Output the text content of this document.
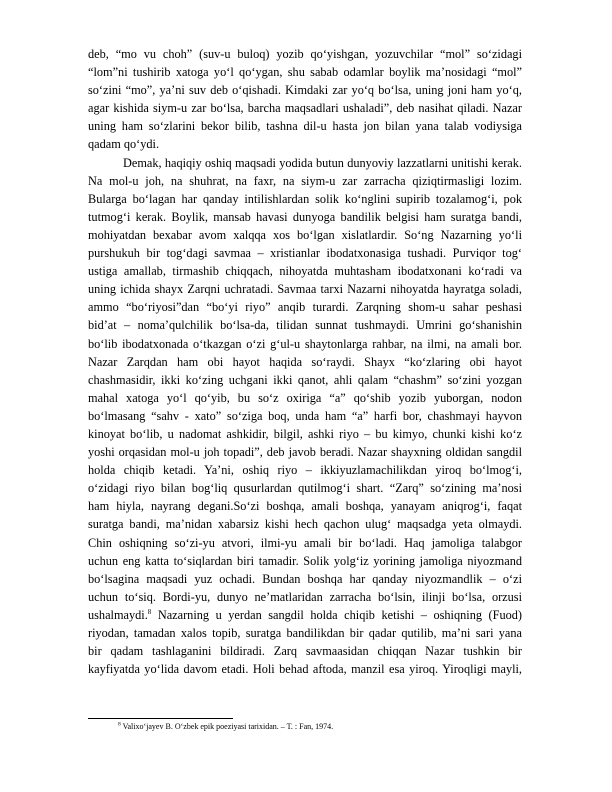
deb, “mo vu choh” (suv-u buloq) yozib qo‘yishgan, yozuvchilar “mol” so‘zidagi
“lom”ni tushirib xatoga yo‘l qo‘ygan, shu sabab odamlar boylik ma’nosidagi “mol”
so‘zini “mo”, ya’ni suv deb o‘qishadi. Kimdaki zar yo‘q bo‘lsa, uning joni ham yo‘q,
agar kishida siym-u zar bo‘lsa, barcha maqsadlari ushaladi”, deb nasihat qiladi. Nazar
uning ham so‘zlarini bekor bilib, tashna dil-u hasta jon bilan yana talab vodiysiga
qadam qo‘ydi.
Demak, haqiqiy oshiq maqsadi yodida butun dunyoviy lazzatlarni unitishi kerak.
Na mol-u joh, na shuhrat, na faxr, na siym-u zar zarracha qiziqtirmasligi lozim.
Bularga bo‘lagan har qanday intilishlardan solik ko‘nglini supirib tozalamog‘i, pok
tutmog‘i kerak. Boylik, mansab havasi dunyoga bandilik belgisi ham suratga bandi,
mohiyatdan bexabar avom xalqqa xos bo‘lgan xislatlardir. So‘ng Nazarning yo‘li
purshukuh bir tog‘dagi savmaa – xristianlar ibodatxonasiga tushadi. Purviqor tog‘
ustiga amallab, tirmashib chiqqach, nihoyatda muhtasham ibodatxonani ko‘radi va
uning ichida shayx Zarqni uchratadi. Savmaa tarxi Nazarni nihoyatda hayratga soladi,
ammo “bo‘riyosi”dan “bo‘yi riyo” anqib turardi. Zarqning shom-u sahar peshasi
bid’at – noma’qulchilik bo‘lsa-da, tilidan sunnat tushmaydi. Umrini go‘shanishin
bo‘lib ibodatxonada o‘tkazgan o‘zi g‘ul-u shaytonlarga rahbar, na ilmi, na amali bor.
Nazar Zarqdan ham obi hayot haqida so‘raydi. Shayx “ko‘zlaring obi hayot
chashmasidir, ikki ko‘zing uchgani ikki qanot, ahli qalam “chashm” so‘zini yozgan
mahal xatoga yo‘l qo‘yib, bu so‘z oxiriga “a” qo‘shib yozib yuborgan, nodon
bo‘lmasang “sahv - xato” so‘ziga boq, unda ham “a” harfi bor, chashmayi hayvon
kinoyat bo‘lib, u nadomat ashkidir, bilgil, ashki riyo – bu kimyo, chunki kishi ko‘z
yoshi orqasidan mol-u joh topadi”, deb javob beradi. Nazar shayxning oldidan sangdil
holda chiqib ketadi. Ya’ni, oshiq riyo – ikkiyuzlamachilikdan yiroq bo‘lmog‘i,
o‘zidagi riyo bilan bog‘liq qusurlardan qutilmog‘i shart. “Zarq” so‘zining ma’nosi
ham hiyla, nayrang degani.So‘zi boshqa, amali boshqa, yanayam aniqrog‘i, faqat
suratga bandi, ma’nidan xabarsiz kishi hech qachon ulug‘ maqsadga yeta olmaydi.
Chin oshiqning so‘zi-yu atvori, ilmi-yu amali bir bo‘ladi. Haq jamoliga talabgor
uchun eng katta to‘siqlardan biri tamadir. Solik yolg‘iz yorining jamoliga niyozmand
bo‘lsagina maqsadi yuz ochadi. Bundan boshqa har qanday niyozmandlik – o‘zi
uchun to‘siq. Bordi-yu, dunyo ne’matlaridan zarracha bo‘lsin, ilinji bo‘lsa, orzusi
ushalmaydi.$^8$ Nazarning u yerdan sangdil holda chiqib ketishi – oshiqning (Fuod)
riyodan, tamadan xalos topib, suratga bandilikdan bir qadar qutilib, ma’ni sari yana
bir qadam tashlaganini bildiradi. Zarq savmaasidan chiqqan Nazar tushkin bir
kayfiyatda yo‘lida davom etadi. Holi behad aftoda, manzil esa yiroq. Yiroqligi mayli,
$^8$ Valixo‘jayev B. O‘zbek epik poeziyasi tarixidan. – T. : Fan, 1974.
